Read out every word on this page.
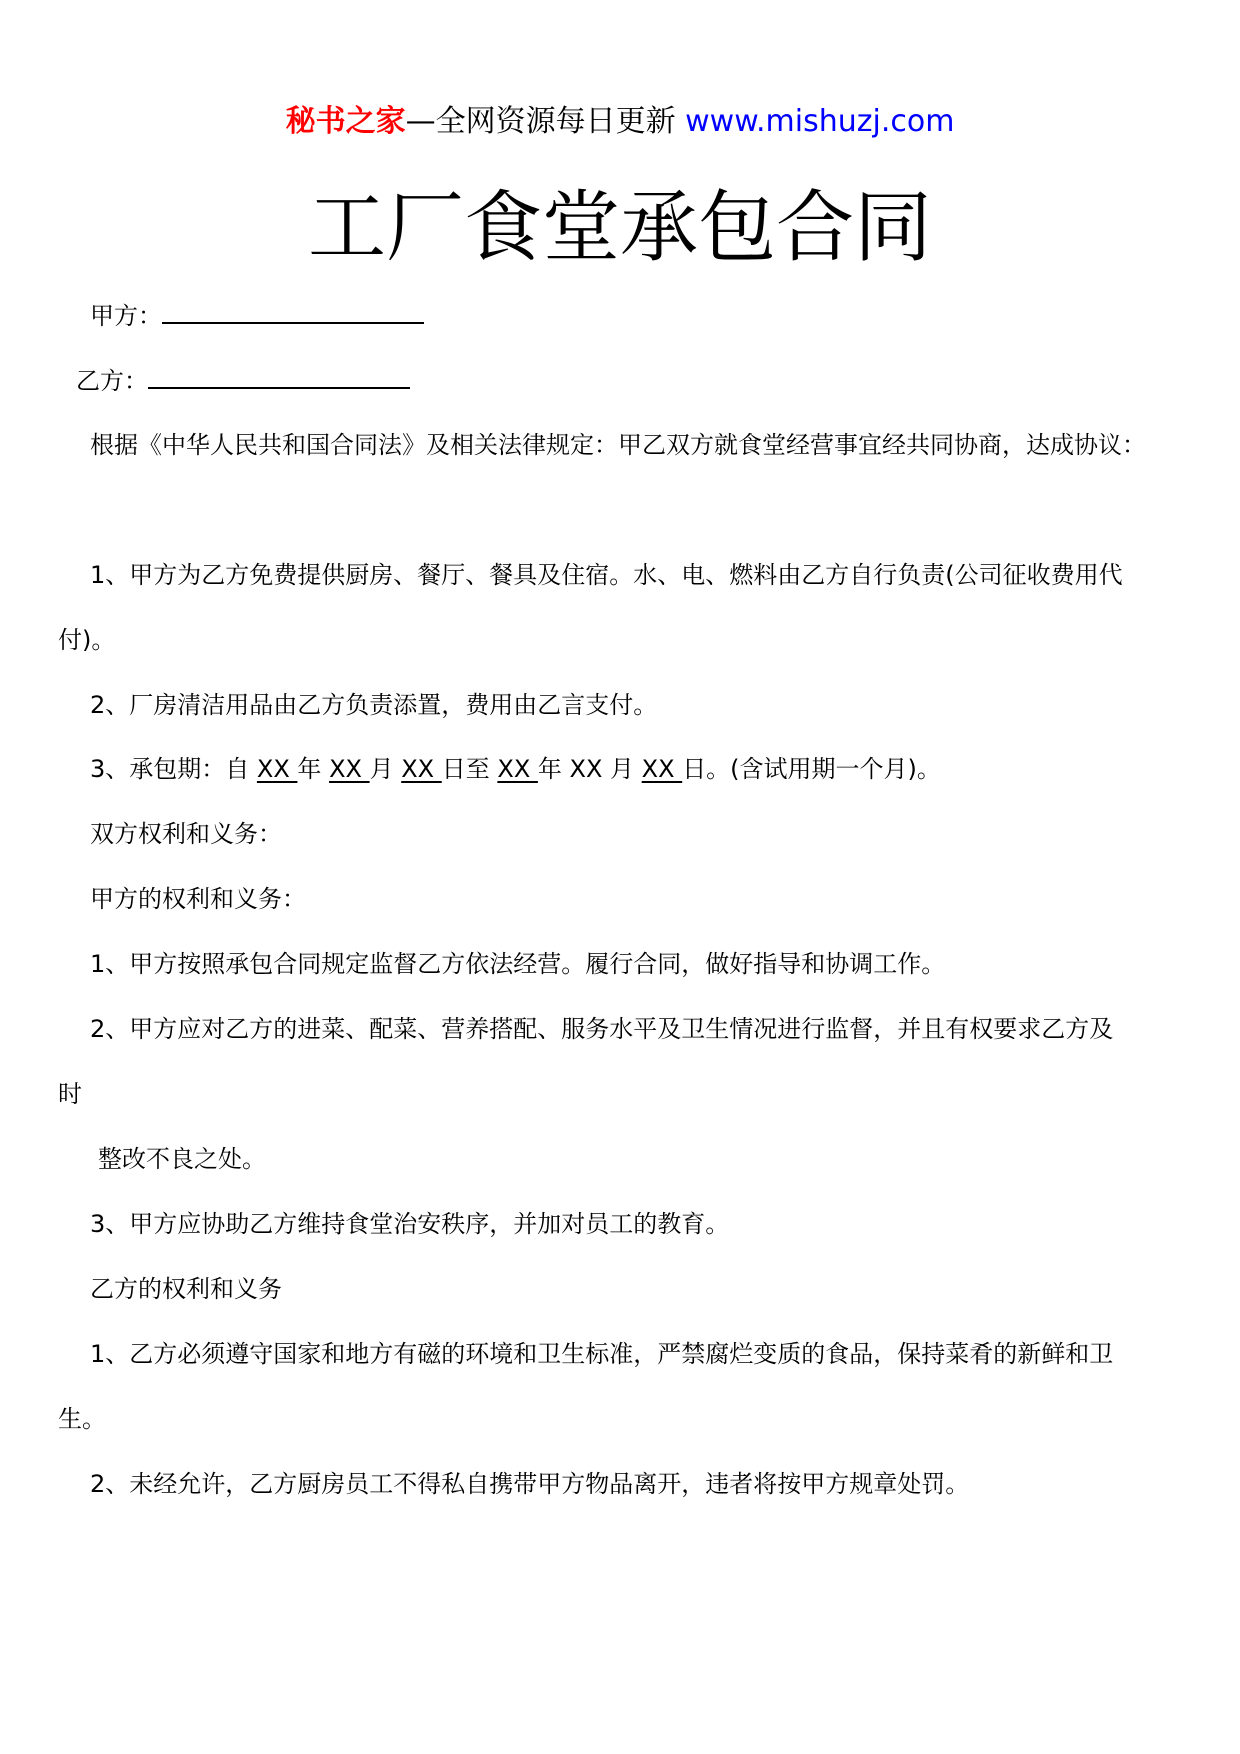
秘书之家—全网资源每日更新 www.mishuzj.com
工厂食堂承包合同
甲方：
乙方：
根据《中华人民共和国合同法》及相关法律规定：甲乙双方就食堂经营事宜经共同协商，达成协议：
1、甲方为乙方免费提供厨房、餐厅、餐具及住宿。水、电、燃料由乙方自行负责(公司征收费用代
付)。
2、厂房清洁用品由乙方负责添置，费用由乙言支付。
3、承包期：自 XX 年 XX 月 XX 日至 XX 年 XX 月 XX 日。(含试用期一个月)。
双方权利和义务：
甲方的权利和义务：
1、甲方按照承包合同规定监督乙方依法经营。履行合同，做好指导和协调工作。
2、甲方应对乙方的进菜、配菜、营养搭配、服务水平及卫生情况进行监督，并且有权要求乙方及
时
整改不良之处。
3、甲方应协助乙方维持食堂治安秩序，并加对员工的教育。
乙方的权利和义务
1、乙方必须遵守国家和地方有磁的环境和卫生标准，严禁腐烂变质的食品，保持菜肴的新鲜和卫
生。
2、未经允许，乙方厨房员工不得私自携带甲方物品离开，违者将按甲方规章处罚。
